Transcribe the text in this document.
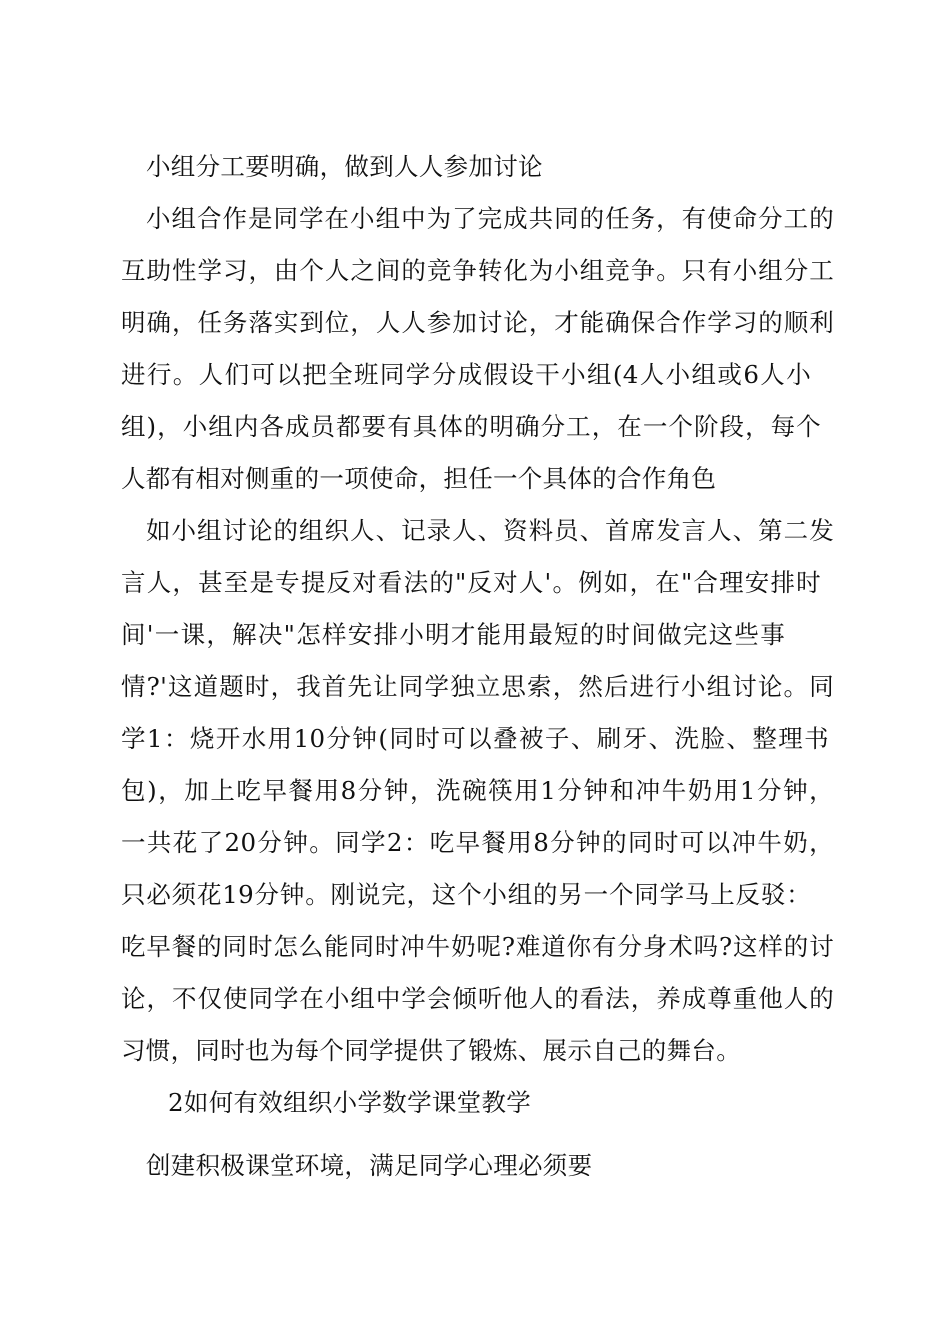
小组分工要明确，做到人人参加讨论
小组合作是同学在小组中为了完成共同的任务，有使命分工的
互助性学习，由个人之间的竞争转化为小组竞争。只有小组分工
明确，任务落实到位，人人参加讨论，才能确保合作学习的顺利
进行。人们可以把全班同学分成假设干小组(4人小组或6人小
组)，小组内各成员都要有具体的明确分工，在一个阶段，每个
人都有相对侧重的一项使命，担任一个具体的合作角色
如小组讨论的组织人、记录人、资料员、首席发言人、第二发
言人，甚至是专提反对看法的"反对人'。例如，在"合理安排时
间'一课，解决"怎样安排小明才能用最短的时间做完这些事
情?'这道题时，我首先让同学独立思索，然后进行小组讨论。同
学1：烧开水用10分钟(同时可以叠被子、刷牙、洗脸、整理书
包)，加上吃早餐用8分钟，洗碗筷用1分钟和冲牛奶用1分钟，
一共花了20分钟。同学2：吃早餐用8分钟的同时可以冲牛奶，
只必须花19分钟。刚说完，这个小组的另一个同学马上反驳：
吃早餐的同时怎么能同时冲牛奶呢?难道你有分身术吗?这样的讨
论，不仅使同学在小组中学会倾听他人的看法，养成尊重他人的
习惯，同时也为每个同学提供了锻炼、展示自己的舞台。
2如何有效组织小学数学课堂教学
创建积极课堂环境，满足同学心理必须要
